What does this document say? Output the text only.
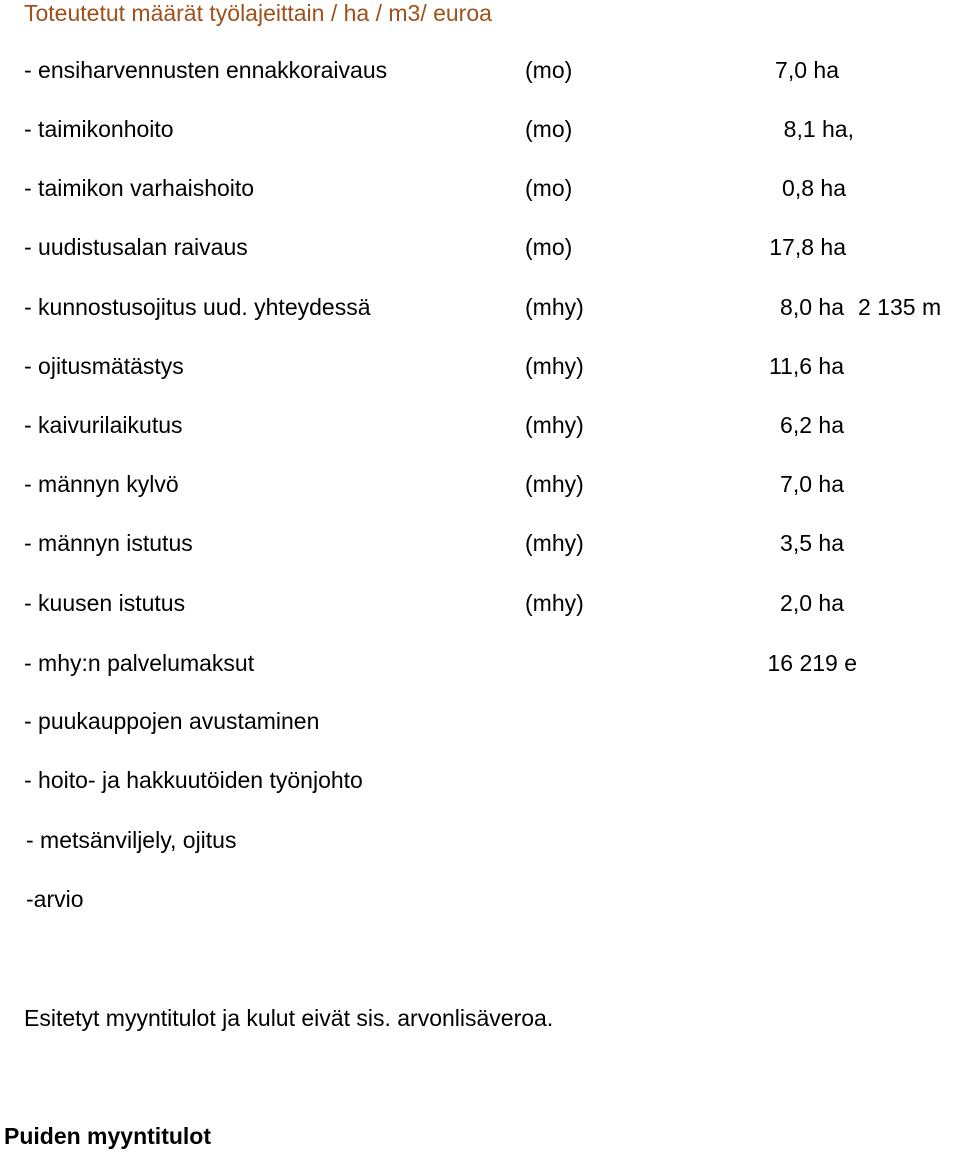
Toteutetut määrät työlajeittain / ha / m3/ euroa
- ensiharvennusten ennakkoraivaus	(mo)	7,0 ha
- taimikonhoito	(mo)	8,1 ha,
- taimikon varhaishoito	(mo)	0,8 ha
- uudistusalan raivaus	(mo)	17,8 ha
- kunnostusojitus uud. yhteydessä	(mhy)	8,0 ha 2 135 m
- ojitusmätästys	(mhy)	11,6 ha
- kaivurilaikutus	(mhy)	6,2 ha
- männyn kylvö	(mhy)	7,0 ha
- männyn istutus	(mhy)	3,5 ha
- kuusen istutus	(mhy)	2,0 ha
- mhy:n palvelumaksut	16 219 e
- puukauppojen avustaminen
- hoito- ja hakkuutöiden työnjohto
- metsänviljely, ojitus
-arvio
Esitetyt myyntitulot ja kulut eivät sis. arvonlisäveroa.
Puiden myyntitulot
